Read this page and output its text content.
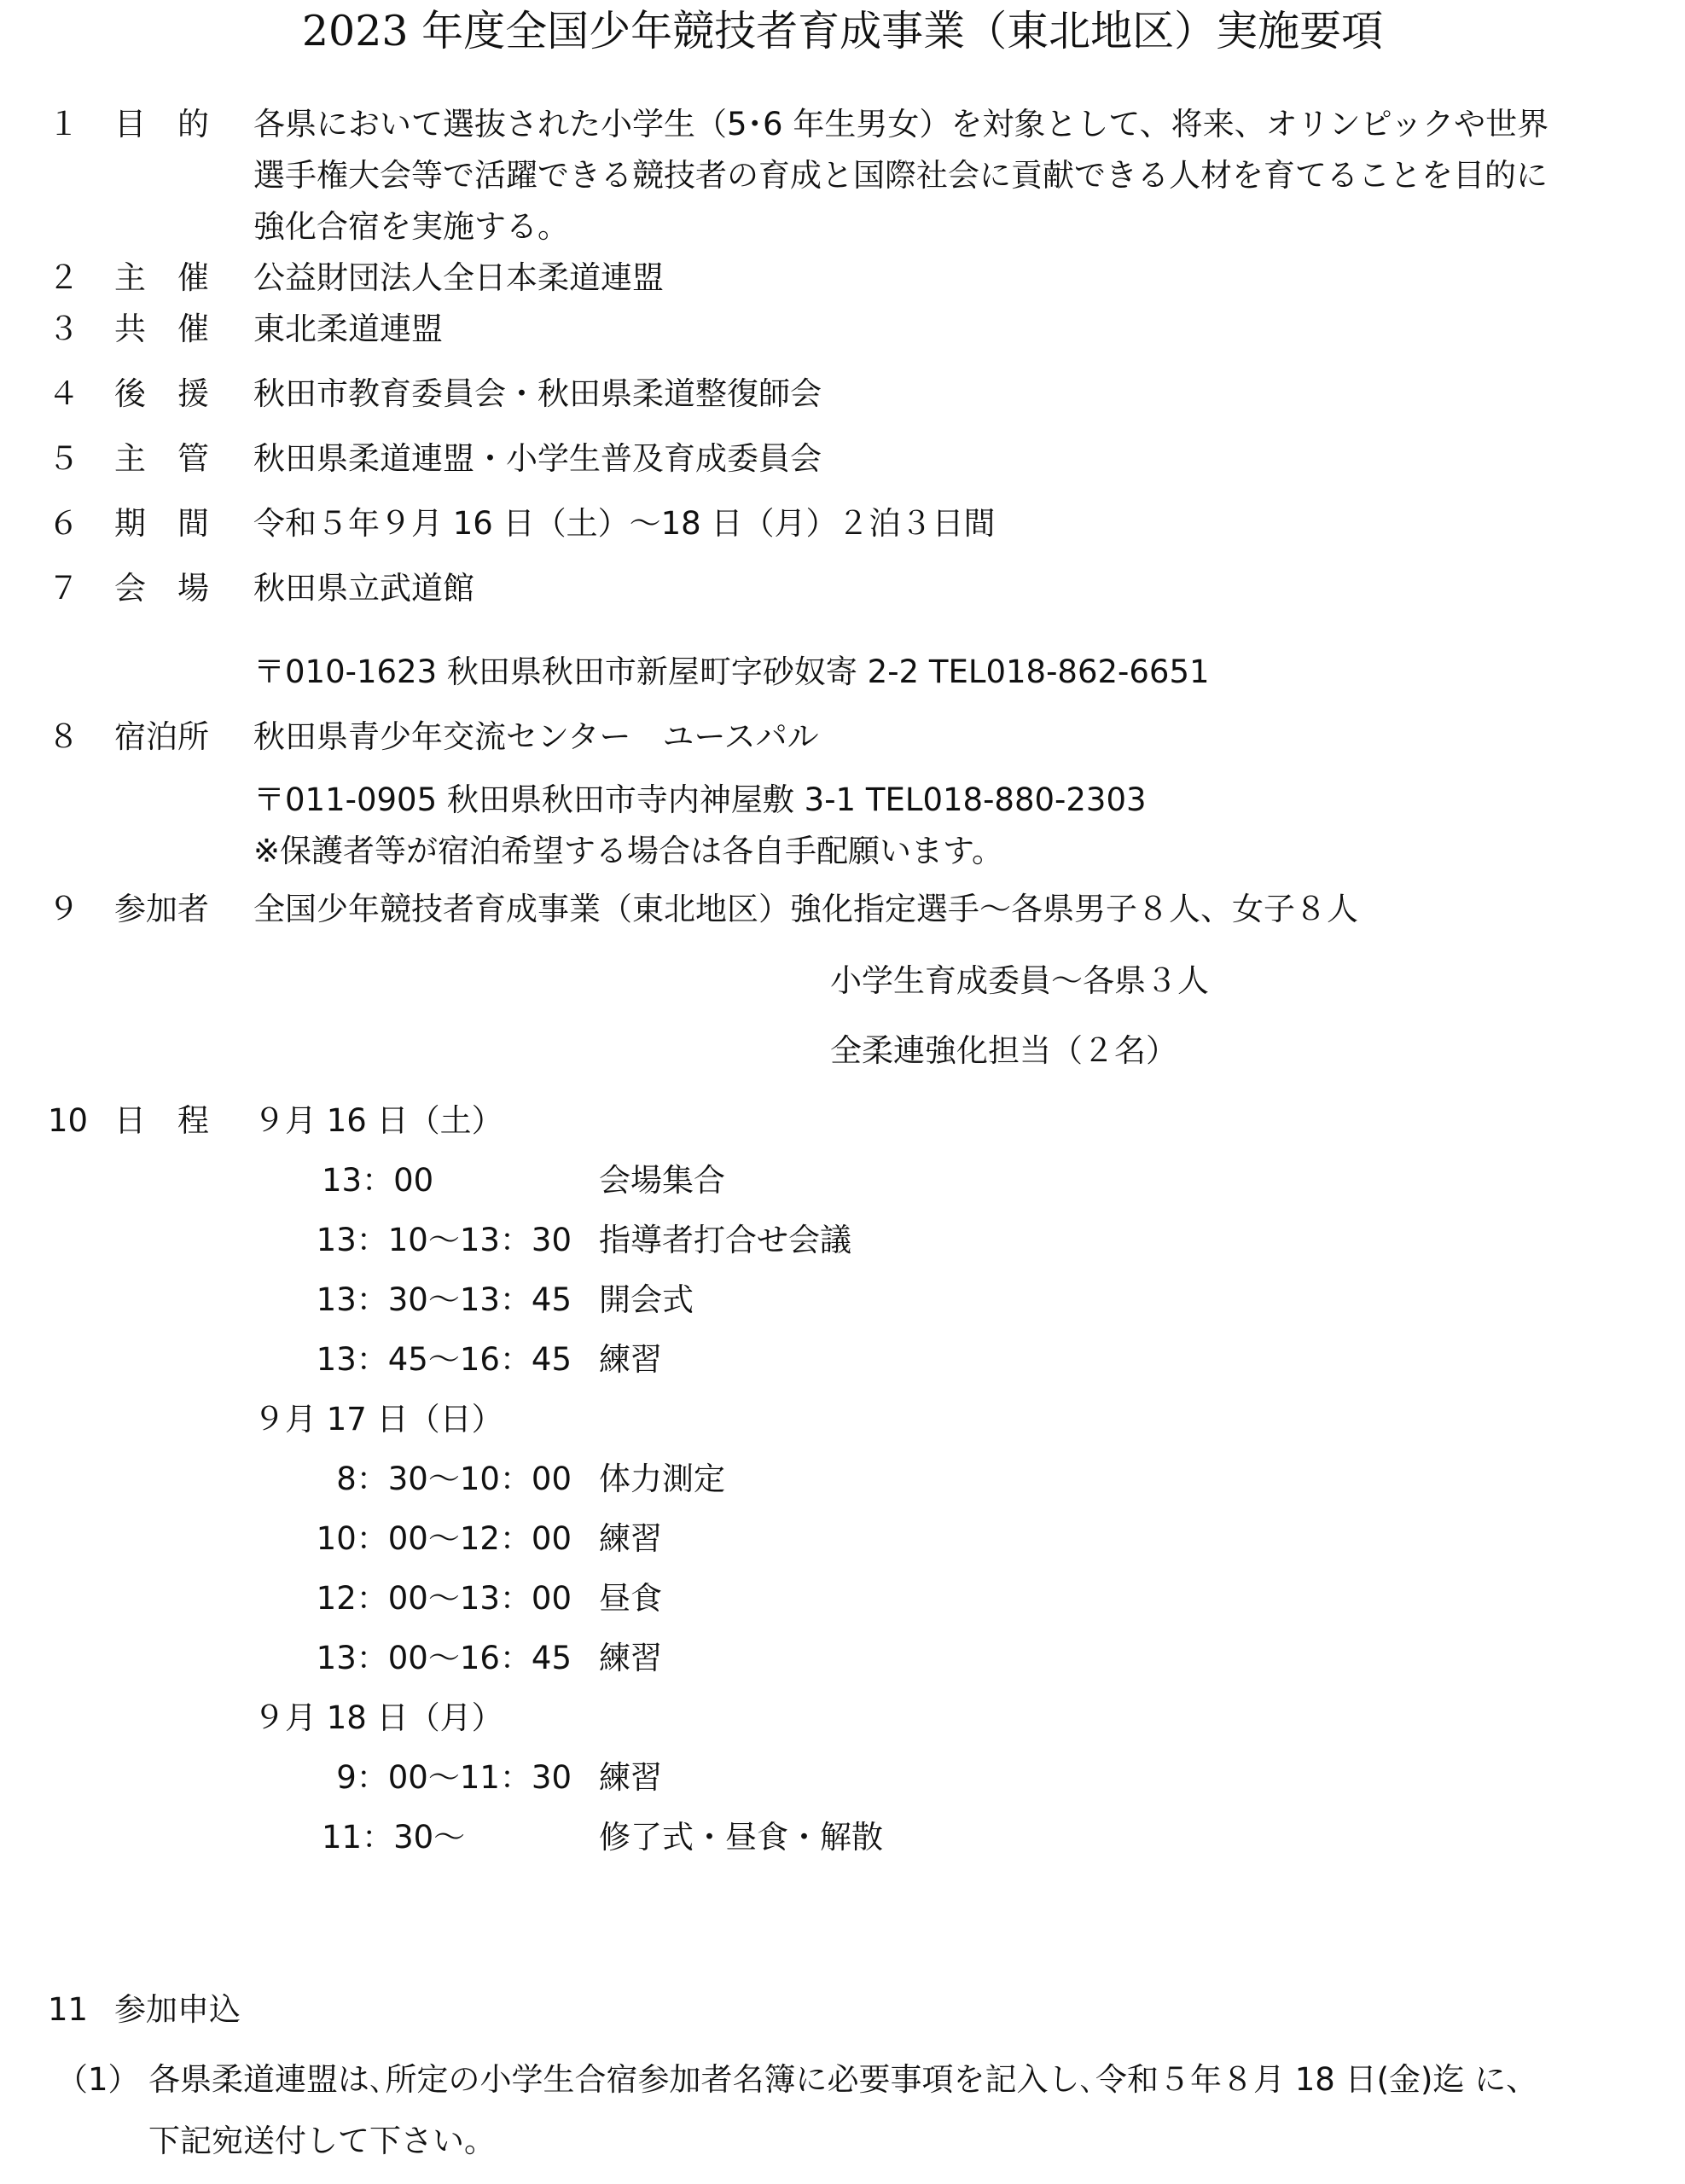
2023 年度全国少年競技者育成事業（東北地区）実施要項
１	目　的	各県において選抜された小学生（5･6 年生男女）を対象として、将来、オリンピックや世界
選手権大会等で活躍できる競技者の育成と国際社会に貢献できる人材を育てることを目的に
強化合宿を実施する。
２	主　催	公益財団法人全日本柔道連盟
３	共　催	東北柔道連盟
４	後　援	秋田市教育委員会・秋田県柔道整復師会
５	主　管	秋田県柔道連盟・小学生普及育成委員会
６	期　間	令和５年９月 16 日（土）～18 日（月）２泊３日間
７	会　場	秋田県立武道館
〒010-1623 秋田県秋田市新屋町字砂奴寄 2-2 TEL018-862-6651
８	宿泊所	秋田県青少年交流センター　ユースパル
〒011-0905 秋田県秋田市寺内神屋敷 3-1 TEL018-880-2303
※保護者等が宿泊希望する場合は各自手配願います。
９	参加者	全国少年競技者育成事業（東北地区）強化指定選手～各県男子８人、女子８人
小学生育成委員～各県３人
全柔連強化担当（２名）
10 日　程	９月 16 日（土）
13：00	会場集合
13：10～13：30 指導者打合せ会議
13：30～13：45 開会式
13：45～16：45 練習
９月 17 日（日）
8：30～10：00 体力測定
10：00～12：00 練習
12：00～13：00 昼食
13：00～16：45 練習
９月 18 日（月）
9：00～11：30 練習
11：30～	修了式・昼食・解散
11 参加申込
（1） 各県柔道連盟は､所定の小学生合宿参加者名簿に必要事項を記入し､令和５年８月 18 日(金)迄 に、
下記宛送付して下さい。
